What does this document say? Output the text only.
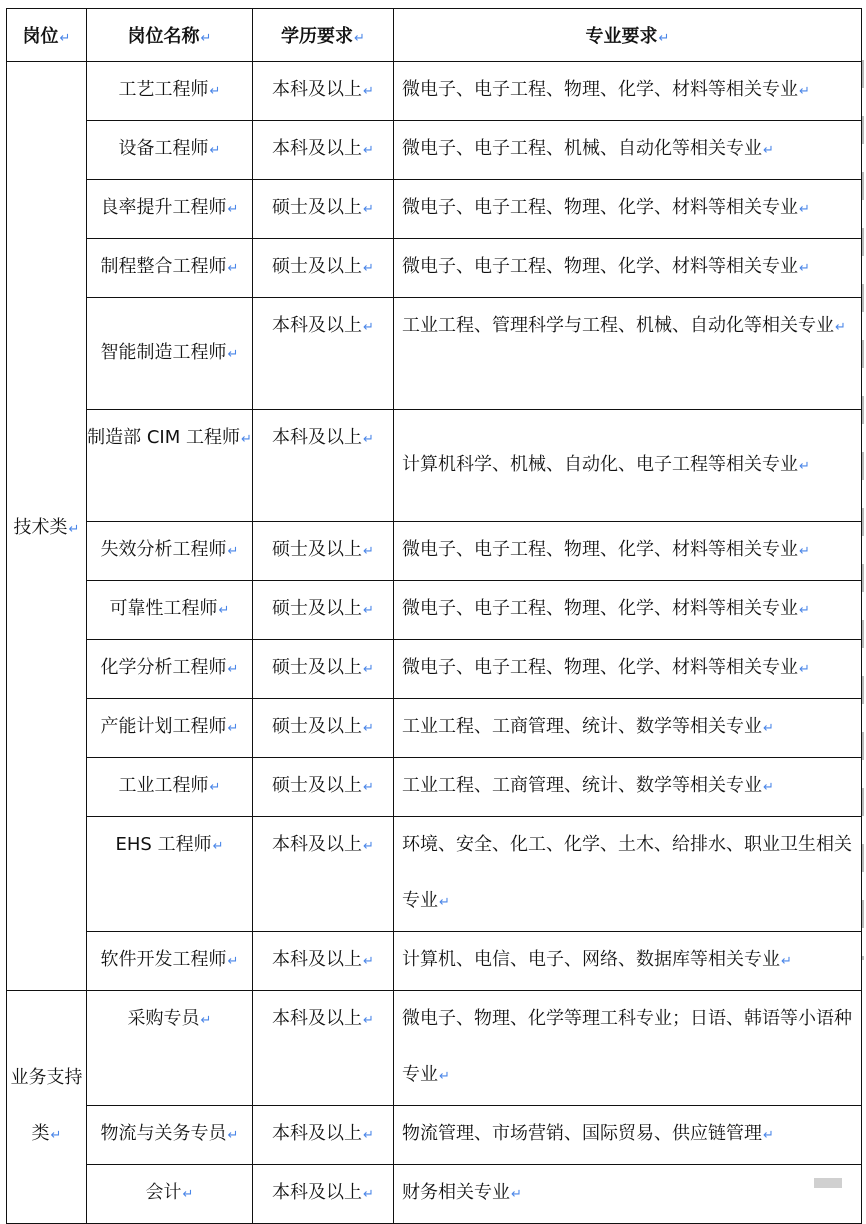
岗位↵	岗位名称↵	学历要求↵	专业要求↵
技术类↵	工艺工程师↵	本科及以上↵	微电子、电子工程、物理、化学、材料等相关专业↵
	设备工程师↵	本科及以上↵	微电子、电子工程、机械、自动化等相关专业↵
	良率提升工程师↵	硕士及以上↵	微电子、电子工程、物理、化学、材料等相关专业↵
	制程整合工程师↵	硕士及以上↵	微电子、电子工程、物理、化学、材料等相关专业↵
	智能制造工程师↵	本科及以上↵	工业工程、管理科学与工程、机械、自动化等相关专业↵
	制造部 CIM 工程师↵	本科及以上↵	计算机科学、机械、自动化、电子工程等相关专业↵
	失效分析工程师↵	硕士及以上↵	微电子、电子工程、物理、化学、材料等相关专业↵
	可靠性工程师↵	硕士及以上↵	微电子、电子工程、物理、化学、材料等相关专业↵
	化学分析工程师↵	硕士及以上↵	微电子、电子工程、物理、化学、材料等相关专业↵
	产能计划工程师↵	硕士及以上↵	工业工程、工商管理、统计、数学等相关专业↵
	工业工程师↵	硕士及以上↵	工业工程、工商管理、统计、数学等相关专业↵
	EHS 工程师↵	本科及以上↵	环境、安全、化工、化学、土木、给排水、职业卫生相关专业↵
	软件开发工程师↵	本科及以上↵	计算机、电信、电子、网络、数据库等相关专业↵
业务支持类↵	采购专员↵	本科及以上↵	微电子、物理、化学等理工科专业；日语、韩语等小语种专业↵
	物流与关务专员↵	本科及以上↵	物流管理、市场营销、国际贸易、供应链管理↵
	会计↵	本科及以上↵	财务相关专业↵
